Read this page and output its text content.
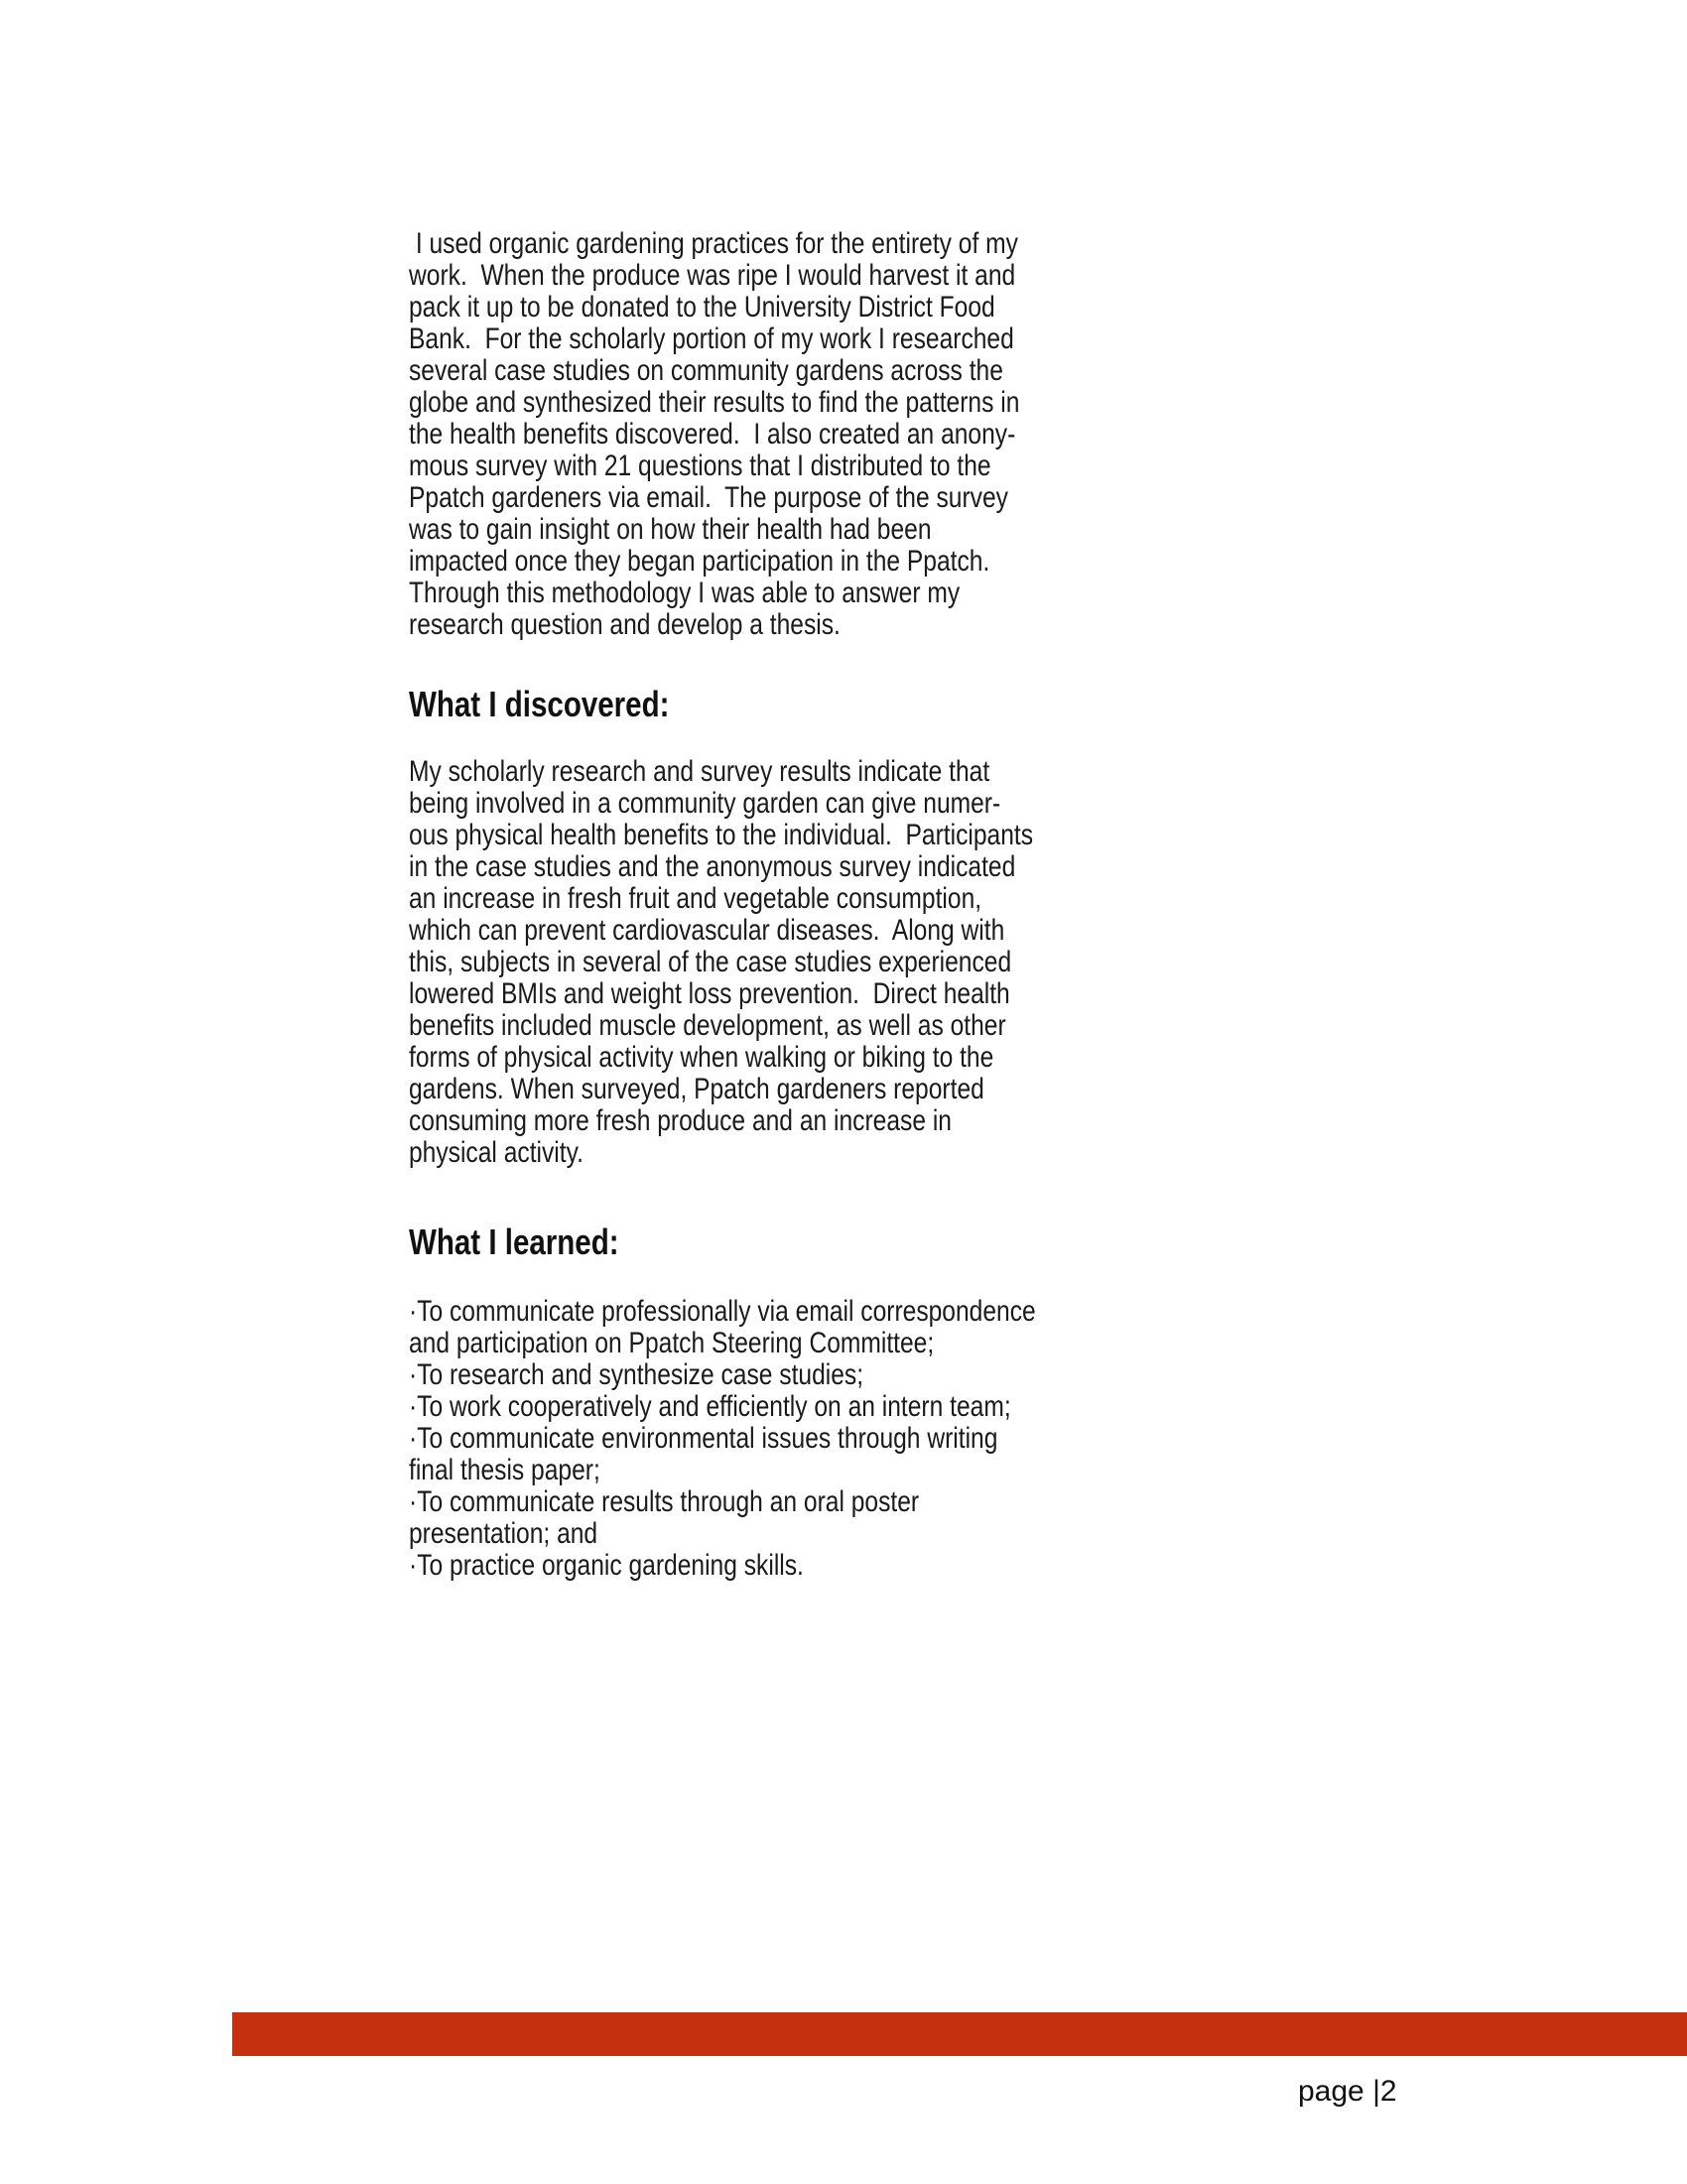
I used organic gardening practices for the entirety of my
work.  When the produce was ripe I would harvest it and
pack it up to be donated to the University District Food
Bank.  For the scholarly portion of my work I researched
several case studies on community gardens across the
globe and synthesized their results to find the patterns in
the health benefits discovered.  I also created an anony-
mous survey with 21 questions that I distributed to the
Ppatch gardeners via email.  The purpose of the survey
was to gain insight on how their health had been
impacted once they began participation in the Ppatch.
Through this methodology I was able to answer my
research question and develop a thesis.
What I discovered:
My scholarly research and survey results indicate that
being involved in a community garden can give numer-
ous physical health benefits to the individual.  Participants
in the case studies and the anonymous survey indicated
an increase in fresh fruit and vegetable consumption,
which can prevent cardiovascular diseases.  Along with
this, subjects in several of the case studies experienced
lowered BMIs and weight loss prevention.  Direct health
benefits included muscle development, as well as other
forms of physical activity when walking or biking to the
gardens. When surveyed, Ppatch gardeners reported
consuming more fresh produce and an increase in
physical activity.
What I learned:
·To communicate professionally via email correspondence
and participation on Ppatch Steering Committee;
·To research and synthesize case studies;
·To work cooperatively and efficiently on an intern team;
·To communicate environmental issues through writing
final thesis paper;
·To communicate results through an oral poster
presentation; and
·To practice organic gardening skills.
page |2
